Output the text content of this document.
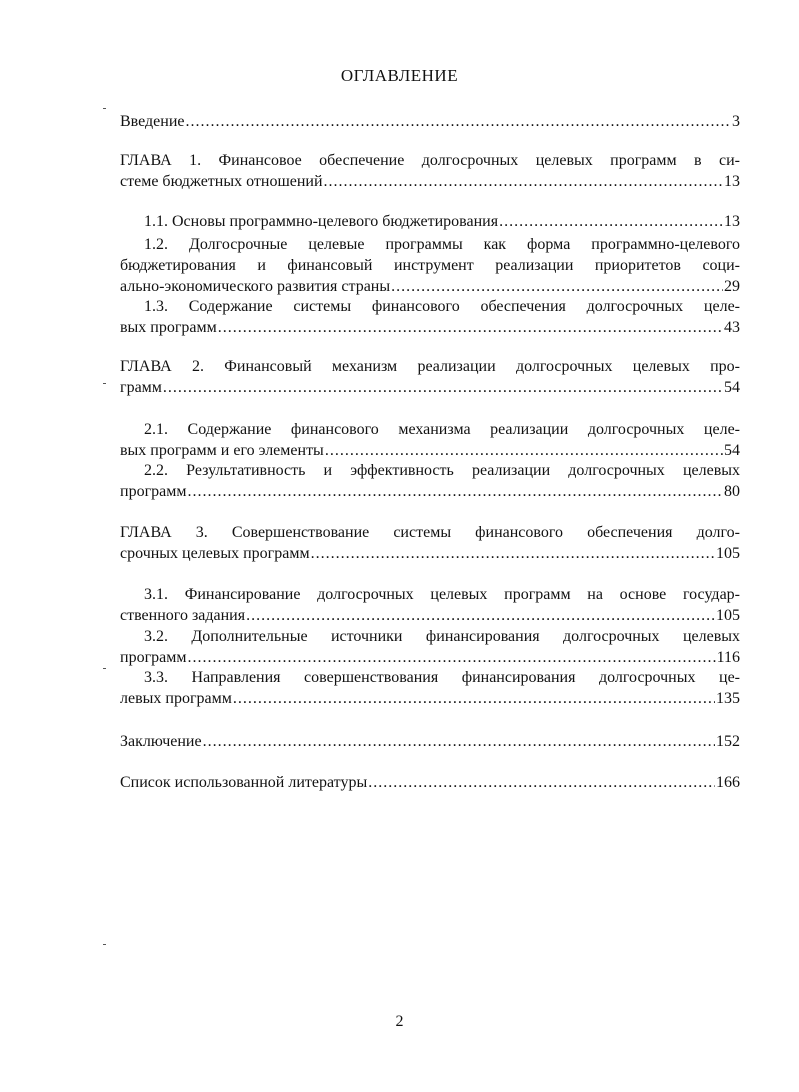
ОГЛАВЛЕНИЕ
Введение .....	3
ГЛАВА 1. Финансовое обеспечение долгосрочных целевых программ в си-
стеме бюджетных отношений .....	13
1.1. Основы программно-целевого бюджетирования .....	13
1.2. Долгосрочные целевые программы как форма программно-целевого
бюджетирования и финансовый инструмент реализации приоритетов соци-
ально-экономического развития страны .....	29
1.3. Содержание системы финансового обеспечения долгосрочных целе-
вых программ .....	43
ГЛАВА 2. Финансовый механизм реализации долгосрочных целевых про-
грамм .....	54
2.1. Содержание финансового механизма реализации долгосрочных целе-
вых программ и его элементы .....	54
2.2. Результативность и эффективность реализации долгосрочных целевых
программ .....	80
ГЛАВА 3. Совершенствование системы финансового обеспечения долго-
срочных целевых программ .....	105
3.1. Финансирование долгосрочных целевых программ на основе государ-
ственного задания .....	105
3.2. Дополнительные источники финансирования долгосрочных целевых
программ .....	116
3.3. Направления совершенствования финансирования долгосрочных це-
левых программ .....	135
Заключение .....	152
Список использованной литературы .....	166
2
